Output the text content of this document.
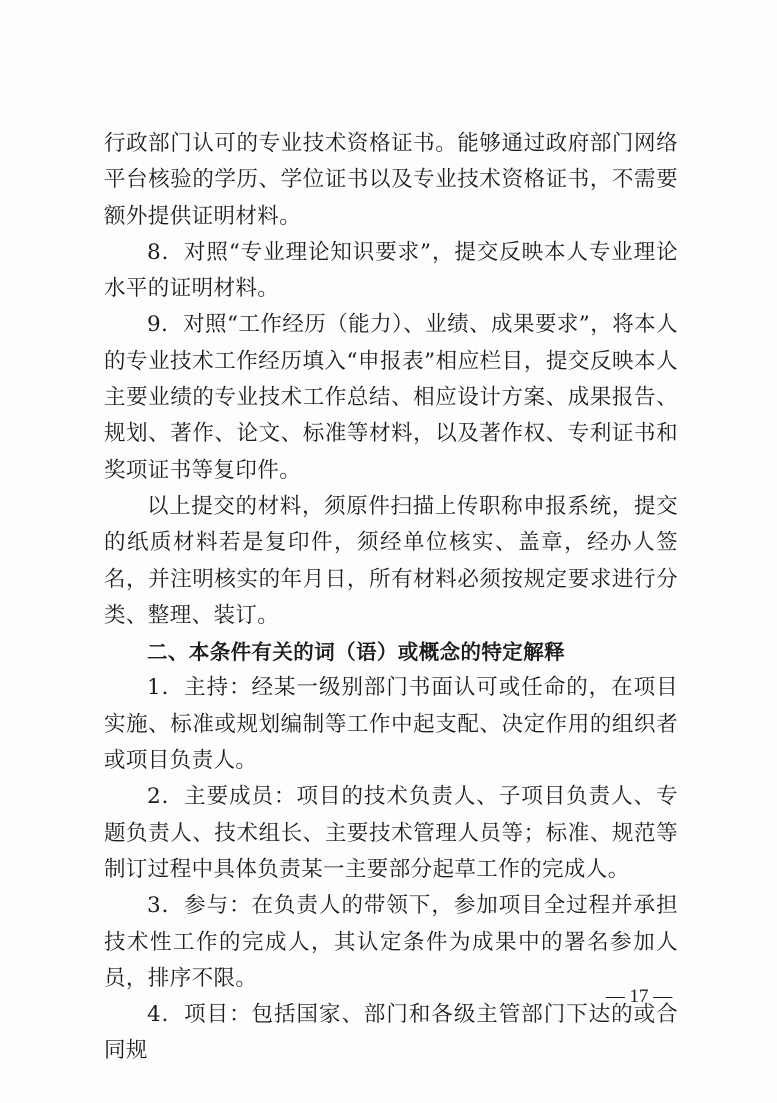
行政部门认可的专业技术资格证书。能够通过政府部门网络平台核验的学历、学位证书以及专业技术资格证书，不需要额外提供证明材料。

8．对照“专业理论知识要求”，提交反映本人专业理论水平的证明材料。

9．对照“工作经历（能力）、业绩、成果要求”，将本人的专业技术工作经历填入“申报表”相应栏目，提交反映本人主要业绩的专业技术工作总结、相应设计方案、成果报告、规划、著作、论文、标准等材料，以及著作权、专利证书和奖项证书等复印件。

以上提交的材料，须原件扫描上传职称申报系统，提交的纸质材料若是复印件，须经单位核实、盖章，经办人签名，并注明核实的年月日，所有材料必须按规定要求进行分类、整理、装订。

二、本条件有关的词（语）或概念的特定解释

1．主持：经某一级别部门书面认可或任命的，在项目实施、标准或规划编制等工作中起支配、决定作用的组织者或项目负责人。

2．主要成员：项目的技术负责人、子项目负责人、专题负责人、技术组长、主要技术管理人员等；标准、规范等制订过程中具体负责某一主要部分起草工作的完成人。

3．参与：在负责人的带领下，参加项目全过程并承担技术性工作的完成人，其认定条件为成果中的署名参加人员，排序不限。

4．项目：包括国家、部门和各级主管部门下达的或合同规

— 17 —
